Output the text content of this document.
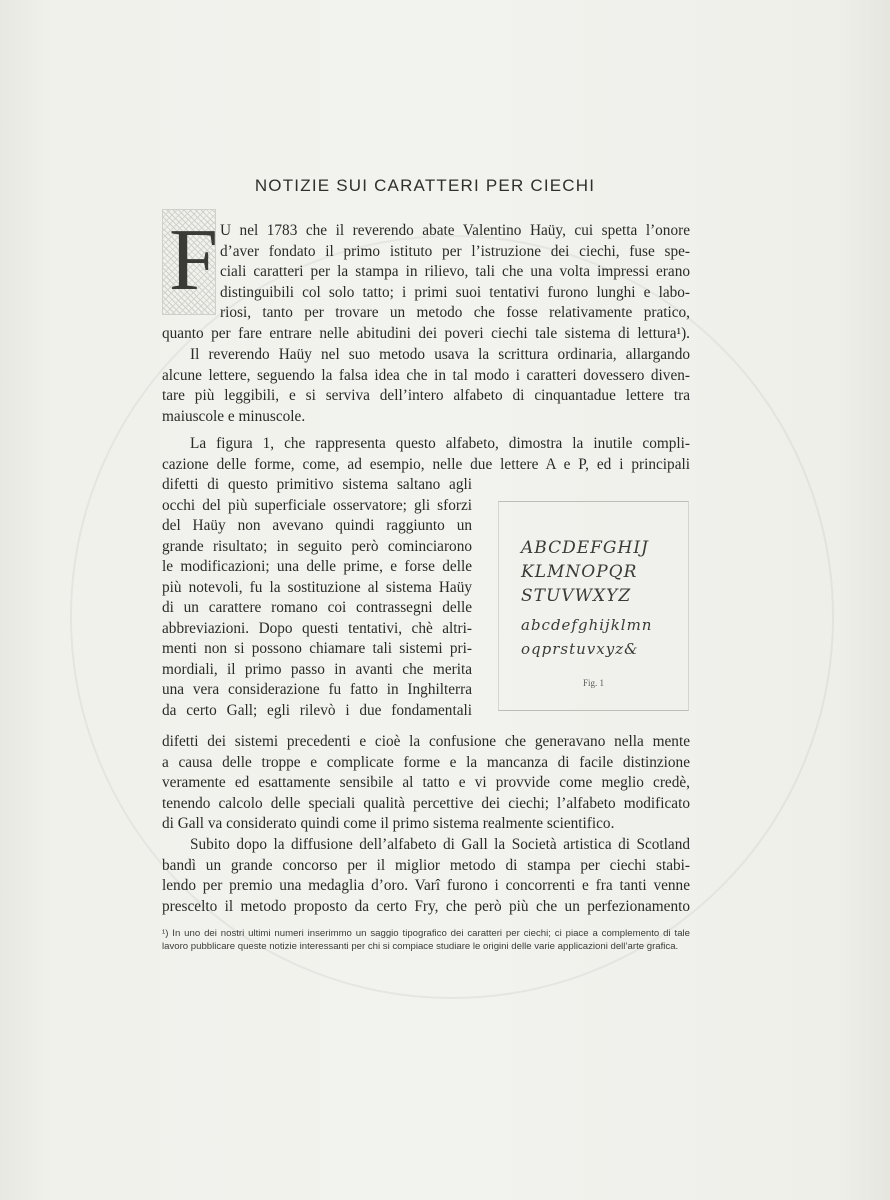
NOTIZIE SUI CARATTERI PER CIECHI
F U nel 1783 che il reverendo abate Valentino Haüy, cui spetta l’onore
d’aver fondato il primo istituto per l’istruzione dei ciechi, fuse spe-
ciali caratteri per la stampa in rilievo, tali che una volta impressi erano
distinguibili col solo tatto; i primi suoi tentativi furono lunghi e labo-
riosi, tanto per trovare un metodo che fosse relativamente pratico,
quanto per fare entrare nelle abitudini dei poveri ciechi tale sistema di lettura¹).

Il reverendo Haüy nel suo metodo usava la scrittura ordinaria, allargando
alcune lettere, seguendo la falsa idea che in tal modo i caratteri dovessero diven-
tare più leggibili, e si serviva dell’intero alfabeto di cinquantadue lettere tra
maiuscole e minuscole.

La figura 1, che rappresenta questo alfabeto, dimostra la inutile compli-
cazione delle forme, come, ad esempio, nelle due lettere A e P, ed i principali

difetti di questo primitivo sistema saltano agli
occhi del più superficiale osservatore; gli sforzi
del Haüy non avevano quindi raggiunto un
grande risultato; in seguito però cominciarono
le modificazioni; una delle prime, e forse delle
più notevoli, fu la sostituzione al sistema Haüy
di un carattere romano coi contrassegni delle
abbreviazioni. Dopo questi tentativi, chè altri-
menti non si possono chiamare tali sistemi pri-
mordiali, il primo passo in avanti che merita
una vera considerazione fu fatto in Inghilterra
da certo Gall; egli rilevò i due fondamentali

difetti dei sistemi precedenti e cioè la confusione che generavano nella mente
a causa delle troppe e complicate forme e la mancanza di facile distinzione
veramente ed esattamente sensibile al tatto e vi provvide come meglio credè,
tenendo calcolo delle speciali qualità percettive dei ciechi; l’alfabeto modificato
di Gall va considerato quindi come il primo sistema realmente scientifico.

Subito dopo la diffusione dell’alfabeto di Gall la Società artistica di Scotland
bandì un grande concorso per il miglior metodo di stampa per ciechi stabi-
lendo per premio una medaglia d’oro. Varî furono i concorrenti e fra tanti venne
prescelto il metodo proposto da certo Fry, che però più che un perfezionamento

ABCDEFGHIJ
KLMNOPQR
STUVWXYZ
abcdefghijklmn
oqprstuvxyz&
Fig. 1

¹) In uno dei nostri ultimi numeri inserimmo un saggio tipografico dei caratteri per ciechi; ci piace a complemento di tale lavoro pubblicare queste notizie interessanti per chi si compiace studiare le origini delle varie applicazioni dell’arte grafica.
